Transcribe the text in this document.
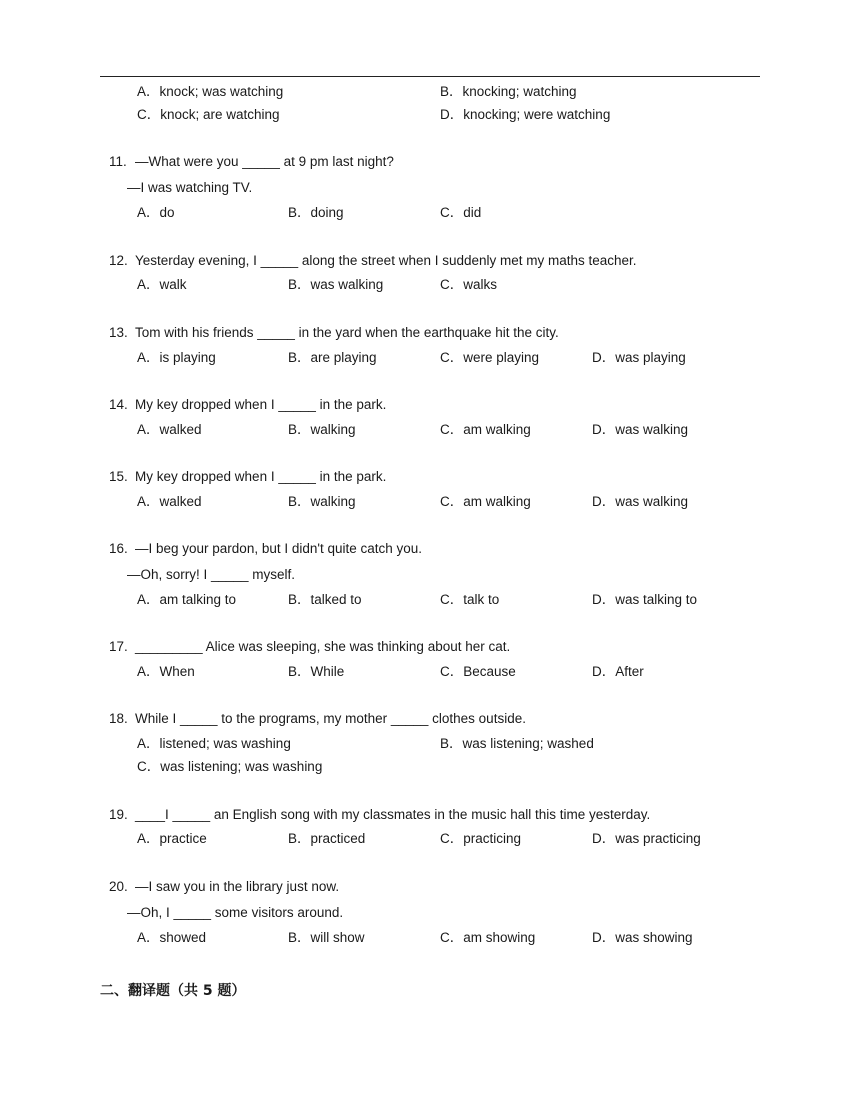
A．knock; was watching	B．knocking; watching
C．knock; are watching	D．knocking; were watching
11. —What were you _____ at 9 pm last night?
—I was watching TV.
A．do	B．doing	C．did
12. Yesterday evening, I _____ along the street when I suddenly met my maths teacher.
A．walk	B．was walking	C．walks
13. Tom with his friends _____ in the yard when the earthquake hit the city.
A．is playing	B．are playing	C．were playing	D．was playing
14. My key dropped when I _____ in the park.
A．walked	B．walking	C．am walking	D．was walking
15. My key dropped when I _____ in the park.
A．walked	B．walking	C．am walking	D．was walking
16. —I beg your pardon, but I didn't quite catch you.
—Oh, sorry! I _____ myself.
A．am talking to	B．talked to	C．talk to	D．was talking to
17. _________ Alice was sleeping, she was thinking about her cat.
A．When	B．While	C．Because	D．After
18. While I _____ to the programs, my mother _____ clothes outside.
A．listened; was washing	B．was listening; washed
C．was listening; was washing
19. ____I _____ an English song with my classmates in the music hall this time yesterday.
A．practice	B．practiced	C．practicing	D．was practicing
20. —I saw you in the library just now.
—Oh, I _____ some visitors around.
A．showed	B．will show	C．am showing	D．was showing
二、翻译题（共 5 题）
